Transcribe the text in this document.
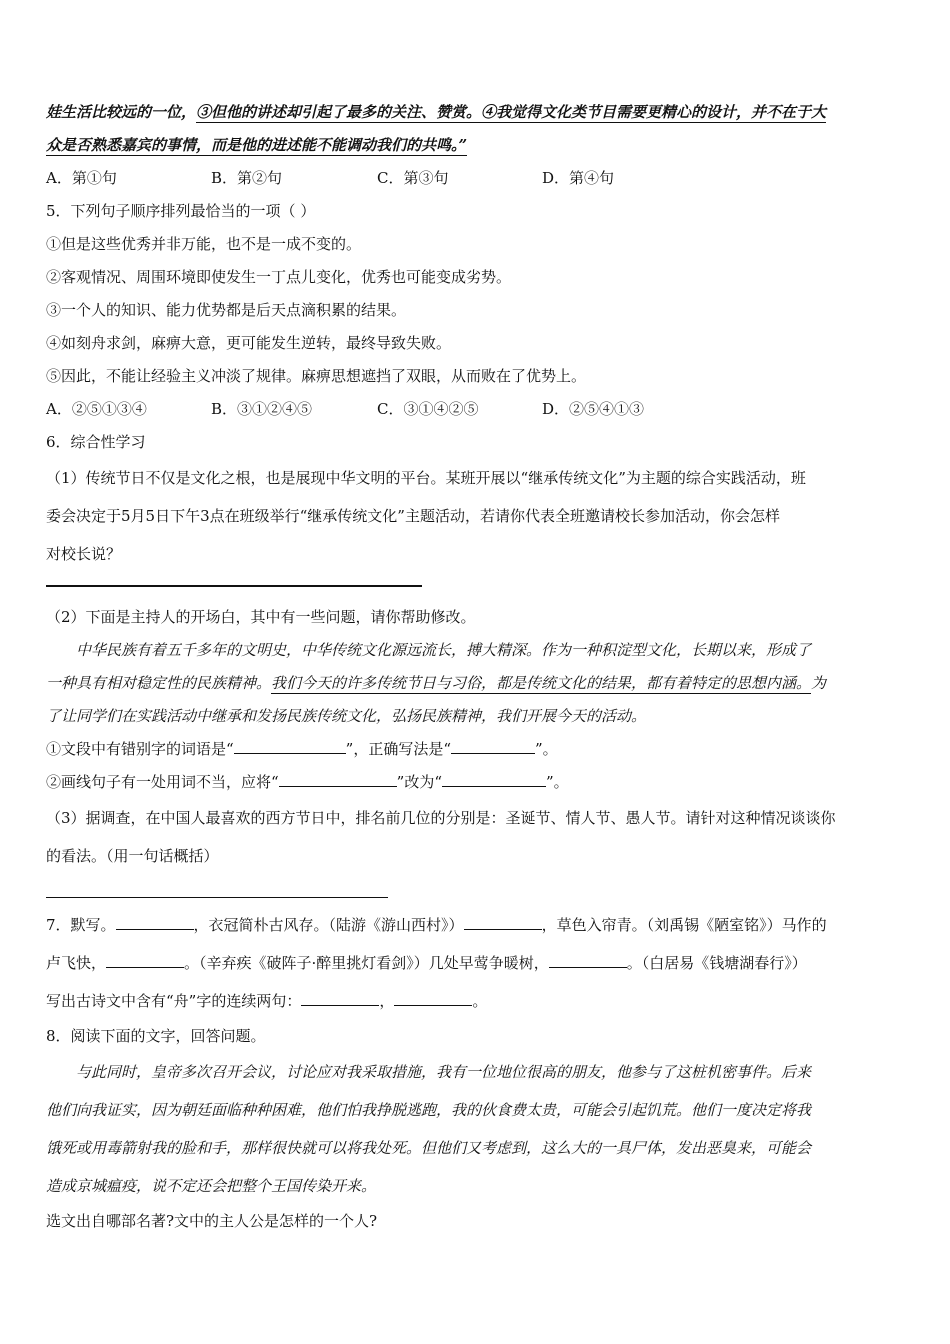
娃生活比较远的一位，③但他的讲述却引起了最多的关注、赞赏。④我觉得文化类节目需要更精心的设计，并不在于大
众是否熟悉嘉宾的事情，而是他的进述能不能调动我们的共鸣。”
A．第①句	B．第②句	C．第③句	D．第④句
5．下列句子顺序排列最恰当的一项（ ）
①但是这些优秀并非万能，也不是一成不变的。
②客观情况、周围环境即使发生一丁点儿变化，优秀也可能变成劣势。
③一个人的知识、能力优势都是后天点滴积累的结果。
④如刻舟求剑，麻痹大意，更可能发生逆转，最终导致失败。
⑤因此，不能让经验主义冲淡了规律。麻痹思想遮挡了双眼，从而败在了优势上。
A．②⑤①③④	B．③①②④⑤	C．③①④②⑤	D．②⑤④①③
6．综合性学习
（1）传统节日不仅是文化之根，也是展现中华文明的平台。某班开展以“继承传统文化”为主题的综合实践活动，班
委会决定于5月5日下午3点在班级举行“继承传统文化”主题活动，若请你代表全班邀请校长参加活动，你会怎样
对校长说？
（2）下面是主持人的开场白，其中有一些问题，请你帮助修改。
中华民族有着五千多年的文明史，中华传统文化源远流长，搏大精深。作为一种积淀型文化，长期以来，形成了
一种具有相对稳定性的民族精神。我们今天的许多传统节日与习俗，都是传统文化的结果，都有着特定的思想内涵。为
了让同学们在实践活动中继承和发扬民族传统文化，弘扬民族精神，我们开展今天的活动。
①文段中有错别字的词语是“	”，正确写法是“	”。
②画线句子有一处用词不当，应将“	”改为“	”。
（3）据调查，在中国人最喜欢的西方节日中，排名前几位的分别是：圣诞节、情人节、愚人节。请针对这种情况谈谈你
的看法。（用一句话概括）
7．默写。	，衣冠简朴古风存。（陆游《游山西村》）	，草色入帘青。（刘禹锡《陋室铭》）马作的
卢飞快，	。（辛弃疾《破阵子·醉里挑灯看剑》）几处早莺争暖树，	。（白居易《钱塘湖春行》）
写出古诗文中含有“舟”字的连续两句：	，	。
8．阅读下面的文字，回答问题。
与此同时，皇帝多次召开会议，讨论应对我采取措施，我有一位地位很高的朋友，他参与了这桩机密事件。后来
他们向我证实，因为朝廷面临种种困难，他们怕我挣脱逃跑，我的伙食费太贵，可能会引起饥荒。他们一度决定将我
饿死或用毒箭射我的脸和手，那样很快就可以将我处死。但他们又考虑到，这么大的一具尸体，发出恶臭来，可能会
造成京城瘟疫，说不定还会把整个王国传染开来。
选文出自哪部名著?文中的主人公是怎样的一个人?
